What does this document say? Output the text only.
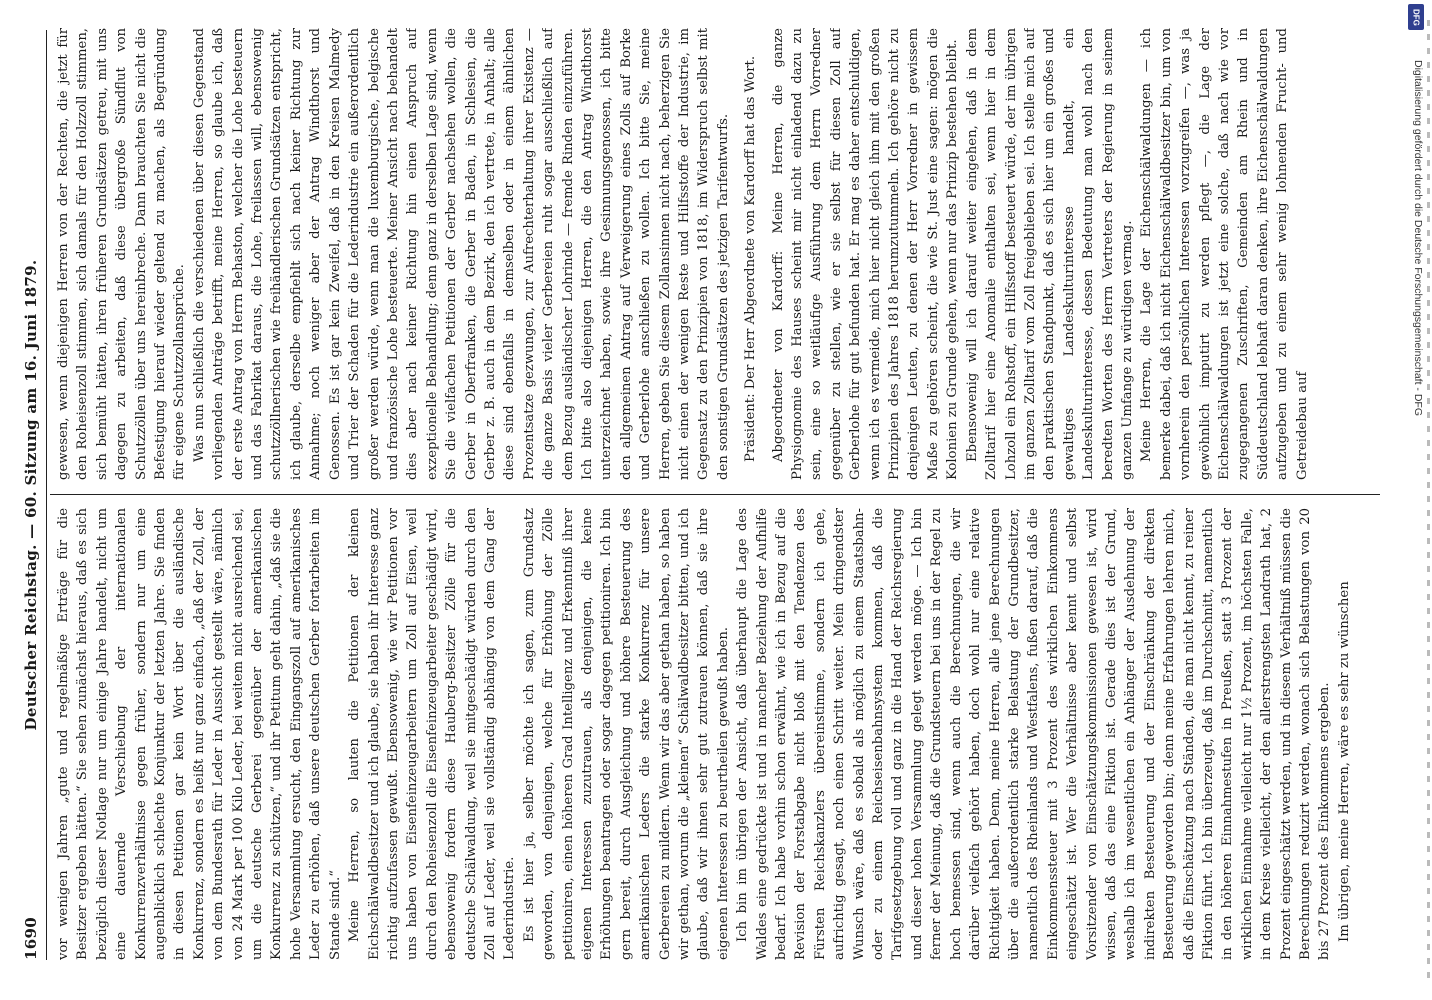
1690
Deutscher Reichstag. — 60. Sitzung am 16. Juni 1879.

vor wenigen Jahren „gute und regelmäßige Erträge für die Besitzer ergeben hätten.“ Sie sehen zunächst hieraus, daß es sich bezüglich dieser Notlage nur um einige Jahre handelt, nicht um eine dauernde Verschiebung der internationalen Konkurrenzverhältnisse gegen früher, sondern nur um eine augenblicklich schlechte Konjunktur der letzten Jahre. Sie finden in diesen Petitionen gar kein Wort über die ausländische Konkurrenz, sondern es heißt nur ganz einfach, „daß der Zoll, der von dem Bundesrath für Leder in Aussicht gestellt wäre, nämlich von 24 Mark per 100 Kilo Leder, bei weitem nicht ausreichend sei, um die deutsche Gerberei gegenüber der amerikanischen Konkurrenz zu schützen,“ und ihr Petitum geht dahin, „daß sie die hohe Versammlung ersucht, den Eingangszoll auf amerikanisches Leder zu erhöhen, daß unsere deutschen Gerber fortarbeiten im Stande sind.“ Meine Herren, so lauten die Petitionen der kleinen Eichschälwaldbesitzer und ich glaube, sie haben ihr Interesse ganz richtig aufzufassen gewußt. Ebensowenig, wie wir Petitionen vor uns haben von Eisenfeinzeugarbeitern um Zoll auf Eisen, weil durch den Roheisenzoll die Eisenfeinzeugarbeiter geschädigt wird, ebensowenig fordern diese Hauberg-Besitzer Zölle für die deutsche Schälwaldung, weil sie mitgeschädigt würden durch den Zoll auf Leder, weil sie vollständig abhängig von dem Gang der Lederindustrie. Es ist hier ja, selber möchte ich sagen, zum Grundsatz geworden, von denjenigen, welche für Erhöhung der Zölle petitioniren, einen höheren Grad Intelligenz und Erkenntniß ihrer eigenen Interessen zuzutrauen, als denjenigen, die keine Erhöhungen beantragen oder sogar dagegen petitioniren. Ich bin gern bereit, durch Ausgleichung und höhere Besteuerung des amerikanischen Leders die starke Konkurrenz für unsere Gerbereien zu mildern. Wenn wir das aber gethan haben, so haben wir gethan, worum die „kleinen“ Schälwaldbesitzer bitten, und ich glaube, daß wir ihnen sehr gut zutrauen können, daß sie ihre eigenen Interessen zu beurtheilen gewußt haben. Ich bin im übrigen der Ansicht, daß überhaupt die Lage des Waldes eine gedrückte ist und in mancher Beziehung der Aufhilfe bedarf. Ich habe vorhin schon erwähnt, wie ich in Bezug auf die Revision der Forstabgabe nicht bloß mit den Tendenzen des Fürsten Reichskanzlers übereinstimme, sondern ich gehe, aufrichtig gesagt, noch einen Schritt weiter. Mein dringendster Wunsch wäre, daß es sobald als möglich zu einem Staatsbahn- oder zu einem Reichseisenbahnsystem kommen, daß die Tarifgesetzgebung voll und ganz in die Hand der Reichsregierung und dieser hohen Versammlung gelegt werden möge. — Ich bin ferner der Meinung, daß die Grundsteuern bei uns in der Regel zu hoch bemessen sind, wenn auch die Berechnungen, die wir darüber vielfach gehört haben, doch wohl nur eine relative Richtigkeit haben. Denn, meine Herren, alle jene Berechnungen über die außerordentlich starke Belastung der Grundbesitzer, namentlich des Rheinlands und Westfalens, fußen darauf, daß die Einkommenssteuer mit 3 Prozent des wirklichen Einkommens eingeschätzt ist. Wer die Verhältnisse aber kennt und selbst Vorsitzender von Einschätzungskommissionen gewesen ist, wird wissen, daß das eine Fiktion ist. Gerade dies ist der Grund, weshalb ich im wesentlichen ein Anhänger der Ausdehnung der indirekten Besteuerung und der Einschränkung der direkten Besteuerung geworden bin; denn meine Erfahrungen lehren mich, daß die Einschätzung nach Ständen, die man nicht kennt, zu reiner Fiktion führt. Ich bin überzeugt, daß im Durchschnitt, namentlich in den höheren Einnahmestufen in Preußen, statt 3 Prozent der wirklichen Einnahme vielleicht nur 1½ Prozent, im höchsten Falle, in dem Kreise vielleicht, der den allerstrengsten Landrath hat, 2 Prozent eingeschätzt werden, und in diesem Verhältniß müssen die Berechnungen reduzirt werden, wonach sich Belastungen von 20 bis 27 Prozent des Einkommens ergeben. Im übrigen, meine Herren, wäre es sehr zu wünschen

gewesen, wenn diejenigen Herren von der Rechten, die jetzt für den Roheisenzoll stimmen, sich damals für den Holzzoll stimmen, sich bemüht hätten, ihren früheren Grundsätzen getreu, mit uns dagegen zu arbeiten, daß diese übergroße Sündflut von Schutzzöllen über uns hereinbreche. Dann brauchten Sie nicht die Befestigung hierauf wieder geltend zu machen, als Begründung für eigene Schutzzollansprüche. Was nun schließlich die verschiedenen über diesen Gegenstand vorliegenden Anträge betrifft, meine Herren, so glaube ich, daß der erste Antrag von Herrn Behaston, welcher die Lohe besteuern und das Fabrikat daraus, die Lohe, freilassen will, ebensowenig schutzzöllnerischen wie freihändlerischen Grundsätzen entspricht, ich glaube, derselbe empfiehlt sich nach keiner Richtung zur Annahme; noch weniger aber der Antrag Windthorst und Genossen. Es ist gar kein Zweifel, daß in den Kreisen Malmedy und Trier der Schaden für die Lederindustrie ein außerordentlich großer werden würde, wenn man die luxemburgische, belgische und französische Lohe besteuerte. Meiner Ansicht nach behandelt dies aber nach keiner Richtung hin einen Anspruch auf exzeptionelle Behandlung; denn ganz in derselben Lage sind, wenn Sie die vielfachen Petitionen der Gerber nachsehen wollen, die Gerber in Oberfranken, die Gerber in Baden, in Schlesien, die Gerber z. B. auch in dem Bezirk, den ich vertrete, in Anhalt; alle diese sind ebenfalls in demselben oder in einem ähnlichen Prozentsatze gezwungen, zur Aufrechterhaltung ihrer Existenz — die ganze Basis vieler Gerbereien ruht sogar ausschließlich auf dem Bezug ausländischer Lohrinde — fremde Rinden einzuführen. Ich bitte also diejenigen Herren, die den Antrag Windthorst unterzeichnet haben, sowie ihre Gesinnungsgenossen, ich bitte den allgemeinen Antrag auf Verweigerung eines Zolls auf Borke und Gerberlohe anschließen zu wollen. Ich bitte Sie, meine Herren, geben Sie diesem Zollansinnen nicht nach, beherzigen Sie nicht einen der wenigen Reste und Hilfsstoffe der Industrie, im Gegensatz zu den Prinzipien von 1818, im Widerspruch selbst mit den sonstigen Grundsätzen des jetzigen Tarifentwurfs. Präsident: Der Herr Abgeordnete von Kardorff hat das Wort. Abgeordneter von Kardorff: Meine Herren, die ganze Physiognomie des Hauses scheint mir nicht einladend dazu zu sein, eine so weitläufige Ausführung dem Herrn Vorredner gegenüber zu stellen, wie er sie selbst für diesen Zoll auf Gerberlohe für gut befunden hat. Er mag es daher entschuldigen, wenn ich es vermeide, mich hier nicht gleich ihm mit den großen Prinzipien des Jahres 1818 herumzutummeln. Ich gehöre nicht zu denjenigen Leuten, zu denen der Herr Vorredner in gewissem Maße zu gehören scheint, die wie St. Just eine sagen: mögen die Kolonien zu Grunde gehen, wenn nur das Prinzip bestehen bleibt. Ebensowenig will ich darauf weiter eingehen, daß in dem Zolltarif hier eine Anomalie enthalten sei, wenn hier in dem Lohzoll ein Rohstoff, ein Hilfsstoff besteuert würde, der im übrigen im ganzen Zolltarif vom Zoll freigeblieben sei. Ich stelle mich auf den praktischen Standpunkt, daß es sich hier um ein großes und gewaltiges Landeskulturinteresse handelt, ein Landeskulturinteresse, dessen Bedeutung man wohl nach den beredten Worten des Herrn Vertreters der Regierung in seinem ganzen Umfange zu würdigen vermag. Meine Herren, die Lage der Eichenschälwaldungen — ich bemerke dabei, daß ich nicht Eichenschälwaldbesitzer bin, um von vornherein den persönlichen Interessen vorzugreifen —, was ja gewöhnlich imputirt zu werden pflegt —, die Lage der Eichenschälwaldungen ist jetzt eine solche, daß nach wie vor zugegangenen Zuschriften, Gemeinden am Rhein und in Süddeutschland lebhaft daran denken, ihre Eichenschälwaldungen aufzugeben und zu einem sehr wenig lohnenden Frucht- und Getreidebau auf

DFG
Digitalisierung gefördert durch die Deutsche Forschungsgemeinschaft - DFG
